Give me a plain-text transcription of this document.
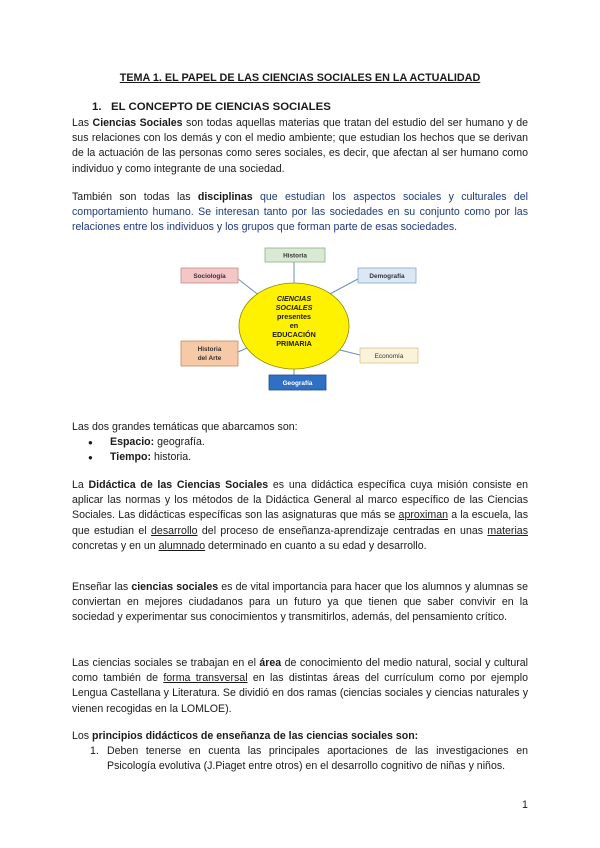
TEMA 1. EL PAPEL DE LAS CIENCIAS SOCIALES EN LA ACTUALIDAD
1. EL CONCEPTO DE CIENCIAS SOCIALES
Las Ciencias Sociales son todas aquellas materias que tratan del estudio del ser humano y de sus relaciones con los demás y con el medio ambiente; que estudian los hechos que se derivan de la actuación de las personas como seres sociales, es decir, que afectan al ser humano como individuo y como integrante de una sociedad.
También son todas las disciplinas que estudian los aspectos sociales y culturales del comportamiento humano. Se interesan tanto por las sociedades en su conjunto como por las relaciones entre los individuos y los grupos que forman parte de esas sociedades.
CIENCIAS
SOCIALES
presentes
en
EDUCACIÓN
PRIMARIA
Historia
Demografía
Economía
Geografía
Historia
del Arte
Sociología
Las dos grandes temáticas que abarcamos son:
● Espacio: geografía.
● Tiempo: historia.
La Didáctica de las Ciencias Sociales es una didáctica específica cuya misión consiste en aplicar las normas y los métodos de la Didáctica General al marco específico de las Ciencias Sociales. Las didácticas específicas son las asignaturas que más se aproximan a la escuela, las que estudian el desarrollo del proceso de enseñanza-aprendizaje centradas en unas materias concretas y en un alumnado determinado en cuanto a su edad y desarrollo.
Enseñar las ciencias sociales es de vital importancia para hacer que los alumnos y alumnas se conviertan en mejores ciudadanos para un futuro ya que tienen que saber convivir en la sociedad y experimentar sus conocimientos y transmitirlos, además, del pensamiento crítico.
Las ciencias sociales se trabajan en el área de conocimiento del medio natural, social y cultural como también de forma transversal en las distintas áreas del currículum como por ejemplo Lengua Castellana y Literatura. Se dividió en dos ramas (ciencias sociales y ciencias naturales y vienen recogidas en la LOMLOE).
Los principios didácticos de enseñanza de las ciencias sociales son:
1. Deben tenerse en cuenta las principales aportaciones de las investigaciones en Psicología evolutiva (J.Piaget entre otros) en el desarrollo cognitivo de niñas y niños.
1
